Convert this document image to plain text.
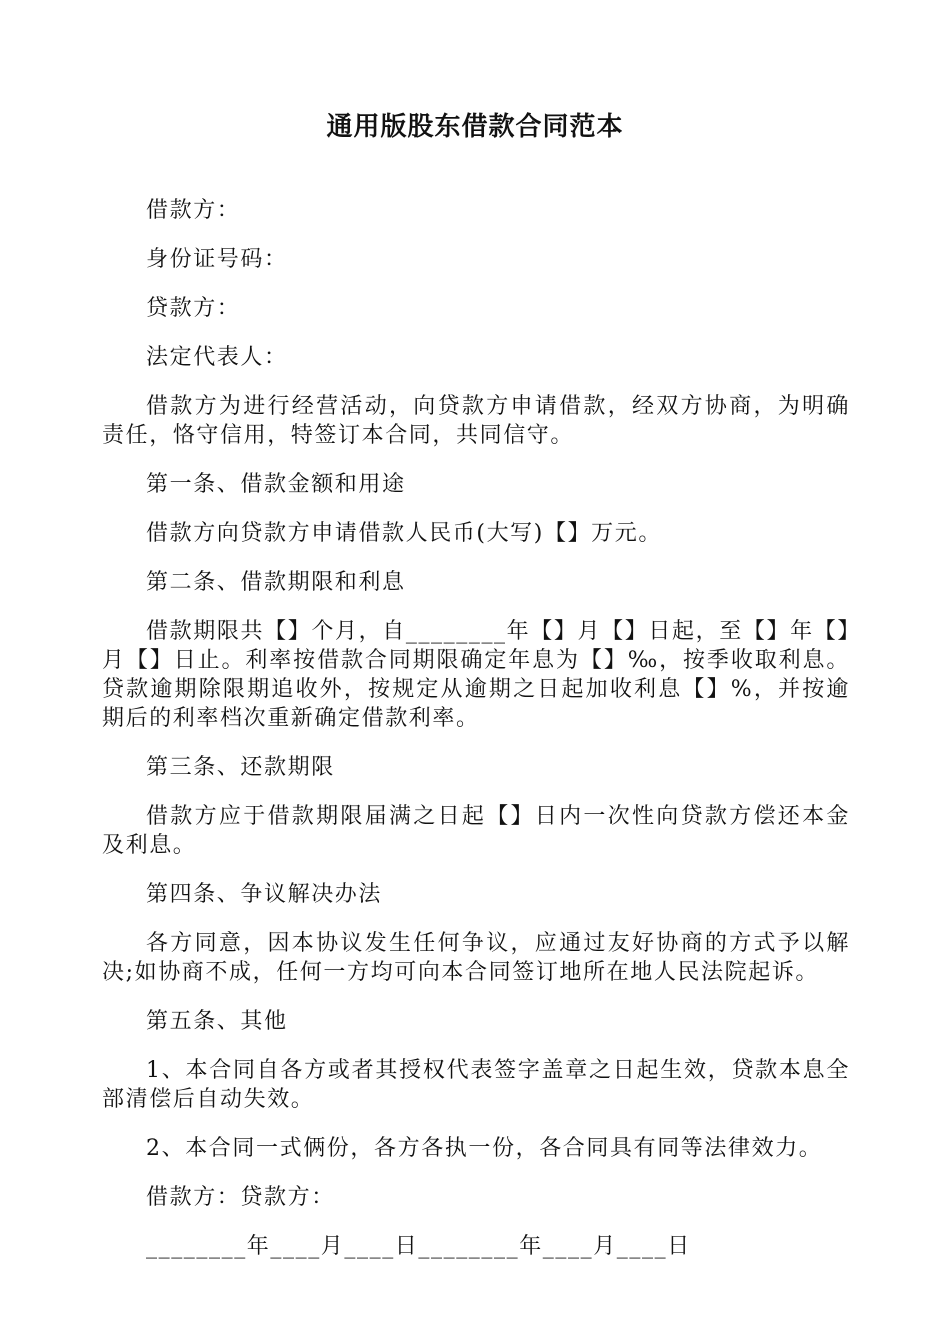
通用版股东借款合同范本

借款方：

身份证号码：

贷款方：

法定代表人：

借款方为进行经营活动，向贷款方申请借款，经双方协商，为明确责任，恪守信用，特签订本合同，共同信守。

第一条、借款金额和用途

借款方向贷款方申请借款人民币(大写)【】万元。

第二条、借款期限和利息

借款期限共【】个月，自________年【】月【】日起，至【】年【】月【】日止。利率按借款合同期限确定年息为【】‰，按季收取利息。贷款逾期除限期追收外，按规定从逾期之日起加收利息【】%，并按逾期后的利率档次重新确定借款利率。

第三条、还款期限

借款方应于借款期限届满之日起【】日内一次性向贷款方偿还本金及利息。

第四条、争议解决办法

各方同意，因本协议发生任何争议，应通过友好协商的方式予以解决;如协商不成，任何一方均可向本合同签订地所在地人民法院起诉。

第五条、其他

1、本合同自各方或者其授权代表签字盖章之日起生效，贷款本息全部清偿后自动失效。

2、本合同一式俩份，各方各执一份，各合同具有同等法律效力。

借款方：贷款方：

________年____月____日________年____月____日
